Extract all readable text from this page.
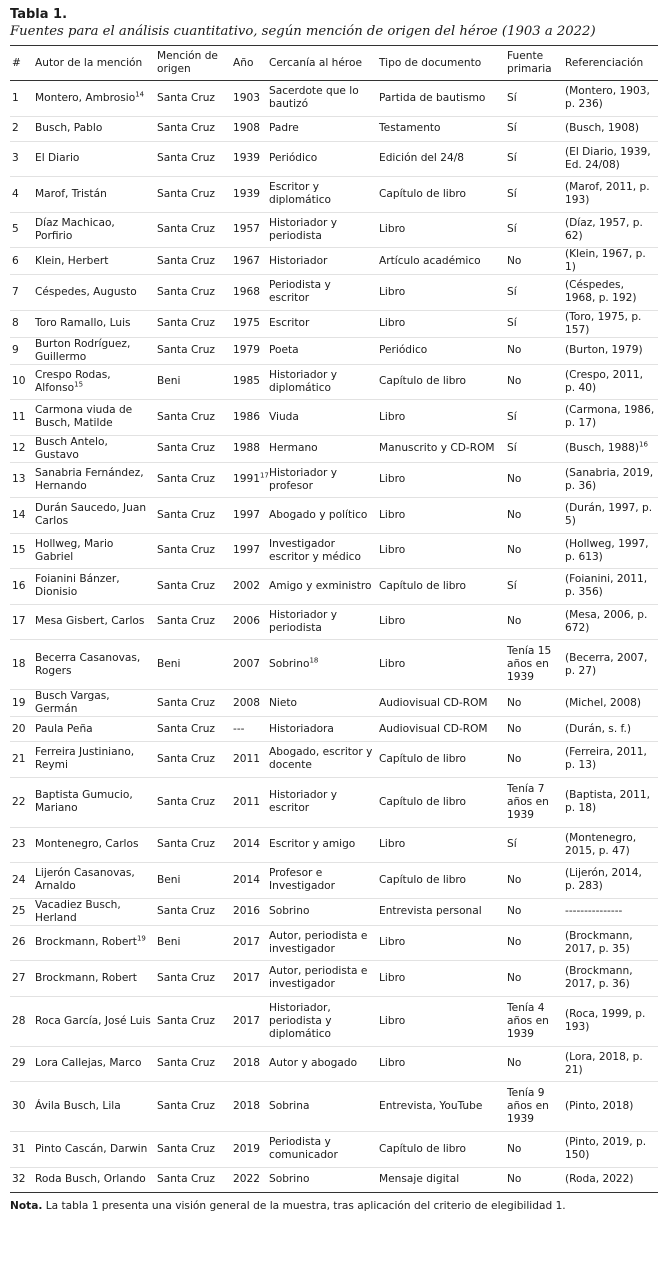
Tabla 1.

Fuentes para el análisis cuantitativo, según mención de origen del héroe (1903 a 2022)

#	Autor de la mención	Mención de origen	Año	Cercanía al héroe	Tipo de documento	Fuente primaria	Referenciación
1	Montero, Ambrosio$^{14}$	Santa Cruz	1903	Sacerdote que lo bautizó	Partida de bautismo	Sí	(Montero, 1903, p. 236)
2	Busch, Pablo	Santa Cruz	1908	Padre	Testamento	Sí	(Busch, 1908)
3	El Diario	Santa Cruz	1939	Periódico	Edición del 24/8	Sí	(El Diario, 1939, Ed. 24/08)
4	Marof, Tristán	Santa Cruz	1939	Escritor y diplomático	Capítulo de libro	Sí	(Marof, 2011, p. 193)
5	Díaz Machicao, Porfirio	Santa Cruz	1957	Historiador y periodista	Libro	Sí	(Díaz, 1957, p. 62)
6	Klein, Herbert	Santa Cruz	1967	Historiador	Artículo académico	No	(Klein, 1967, p. 1)
7	Céspedes, Augusto	Santa Cruz	1968	Periodista y escritor	Libro	Sí	(Céspedes, 1968, p. 192)
8	Toro Ramallo, Luis	Santa Cruz	1975	Escritor	Libro	Sí	(Toro, 1975, p. 157)
9	Burton Rodríguez, Guillermo	Santa Cruz	1979	Poeta	Periódico	No	(Burton, 1979)
10	Crespo Rodas, Alfonso$^{15}$	Beni	1985	Historiador y diplomático	Capítulo de libro	No	(Crespo, 2011, p. 40)
11	Carmona viuda de Busch, Matilde	Santa Cruz	1986	Viuda	Libro	Sí	(Carmona, 1986, p. 17)
12	Busch Antelo, Gustavo	Santa Cruz	1988	Hermano	Manuscrito y CD-ROM	Sí	(Busch, 1988)$^{16}$
13	Sanabria Fernández, Hernando	Santa Cruz	1991$^{17}$	Historiador y profesor	Libro	No	(Sanabria, 2019, p. 36)
14	Durán Saucedo, Juan Carlos	Santa Cruz	1997	Abogado y político	Libro	No	(Durán, 1997, p. 5)
15	Hollweg, Mario Gabriel	Santa Cruz	1997	Investigador escritor y médico	Libro	No	(Hollweg, 1997, p. 613)
16	Foianini Bánzer, Dionisio	Santa Cruz	2002	Amigo y exministro	Capítulo de libro	Sí	(Foianini, 2011, p. 356)
17	Mesa Gisbert, Carlos	Santa Cruz	2006	Historiador y periodista	Libro	No	(Mesa, 2006, p. 672)
18	Becerra Casanovas, Rogers	Beni	2007	Sobrino$^{18}$	Libro	Tenía 15 años en 1939	(Becerra, 2007, p. 27)
19	Busch Vargas, Germán	Santa Cruz	2008	Nieto	Audiovisual CD-ROM	No	(Michel, 2008)
20	Paula Peña	Santa Cruz	---	Historiadora	Audiovisual CD-ROM	No	(Durán, s. f.)
21	Ferreira Justiniano, Reymi	Santa Cruz	2011	Abogado, escritor y docente	Capítulo de libro	No	(Ferreira, 2011, p. 13)
22	Baptista Gumucio, Mariano	Santa Cruz	2011	Historiador y escritor	Capítulo de libro	Tenía 7 años en 1939	(Baptista, 2011, p. 18)
23	Montenegro, Carlos	Santa Cruz	2014	Escritor y amigo	Libro	Sí	(Montenegro, 2015, p. 47)
24	Lijerón Casanovas, Arnaldo	Beni	2014	Profesor e Investigador	Capítulo de libro	No	(Lijerón, 2014, p. 283)
25	Vacadiez Busch, Herland	Santa Cruz	2016	Sobrino	Entrevista personal	No	---------------
26	Brockmann, Robert$^{19}$	Beni	2017	Autor, periodista e investigador	Libro	No	(Brockmann, 2017, p. 35)
27	Brockmann, Robert	Santa Cruz	2017	Autor, periodista e investigador	Libro	No	(Brockmann, 2017, p. 36)
28	Roca García, José Luis	Santa Cruz	2017	Historiador, periodista y diplomático	Libro	Tenía 4 años en 1939	(Roca, 1999, p. 193)
29	Lora Callejas, Marco	Santa Cruz	2018	Autor y abogado	Libro	No	(Lora, 2018, p. 21)
30	Ávila Busch, Lila	Santa Cruz	2018	Sobrina	Entrevista, YouTube	Tenía 9 años en 1939	(Pinto, 2018)
31	Pinto Cascán, Darwin	Santa Cruz	2019	Periodista y comunicador	Capítulo de libro	No	(Pinto, 2019, p. 150)
32	Roda Busch, Orlando	Santa Cruz	2022	Sobrino	Mensaje digital	No	(Roda, 2022)

Nota. La tabla 1 presenta una visión general de la muestra, tras aplicación del criterio de elegibilidad 1.
